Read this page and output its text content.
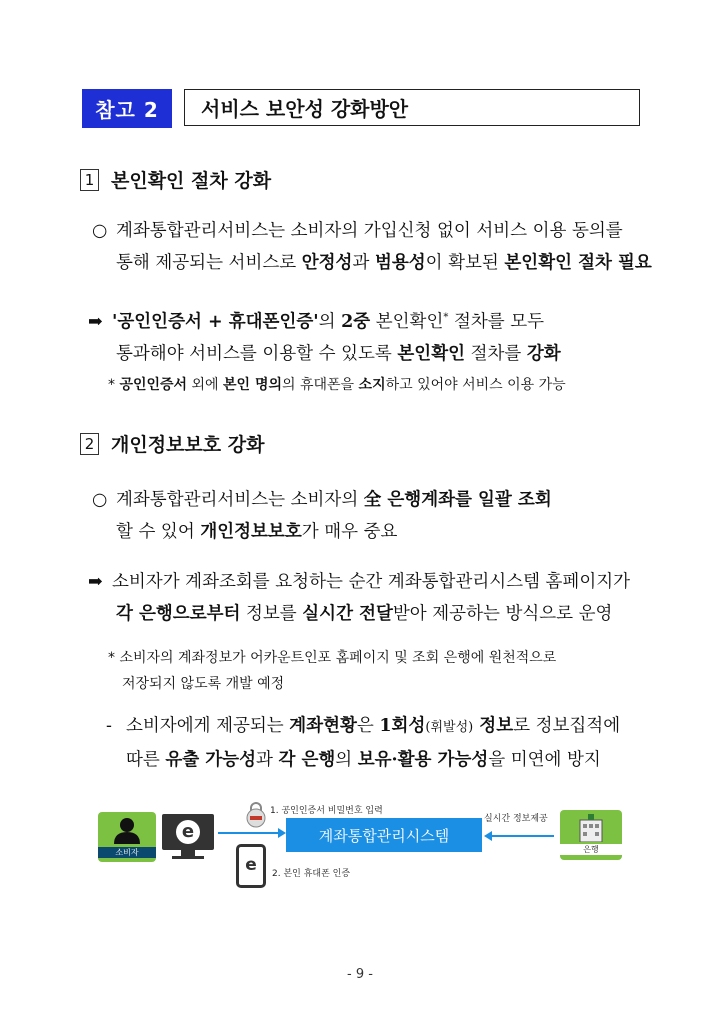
참고 2	서비스 보안성 강화방안
1 본인확인 절차 강화
○ 계좌통합관리서비스는 소비자의 가입신청 없이 서비스 이용 동의를
통해 제공되는 서비스로 안정성과 범용성이 확보된 본인확인 절차 필요
➡ '공인인증서 + 휴대폰인증'의 2중 본인확인* 절차를 모두
통과해야 서비스를 이용할 수 있도록 본인확인 절차를 강화
* 공인인증서 외에 본인 명의의 휴대폰을 소지하고 있어야 서비스 이용 가능
2 개인정보보호 강화
○ 계좌통합관리서비스는 소비자의 全 은행계좌를 일괄 조회
할 수 있어 개인정보보호가 매우 중요
➡ 소비자가 계좌조회를 요청하는 순간 계좌통합관리시스템 홈페이지가
각 은행으로부터 정보를 실시간 전달받아 제공하는 방식으로 운영
* 소비자의 계좌정보가 어카운트인포 홈페이지 및 조회 은행에 원천적으로
저장되지 않도록 개발 예정
- 소비자에게 제공되는 계좌현황은 1회성(휘발성) 정보로 정보집적에
따른 유출 가능성과 각 은행의 보유·활용 가능성을 미연에 방지
소비자
e
1. 공인인증서 비밀번호 입력
계좌통합관리시스템
실시간 정보제공
은행
e 2. 본인 휴대폰 인증
- 9 -
